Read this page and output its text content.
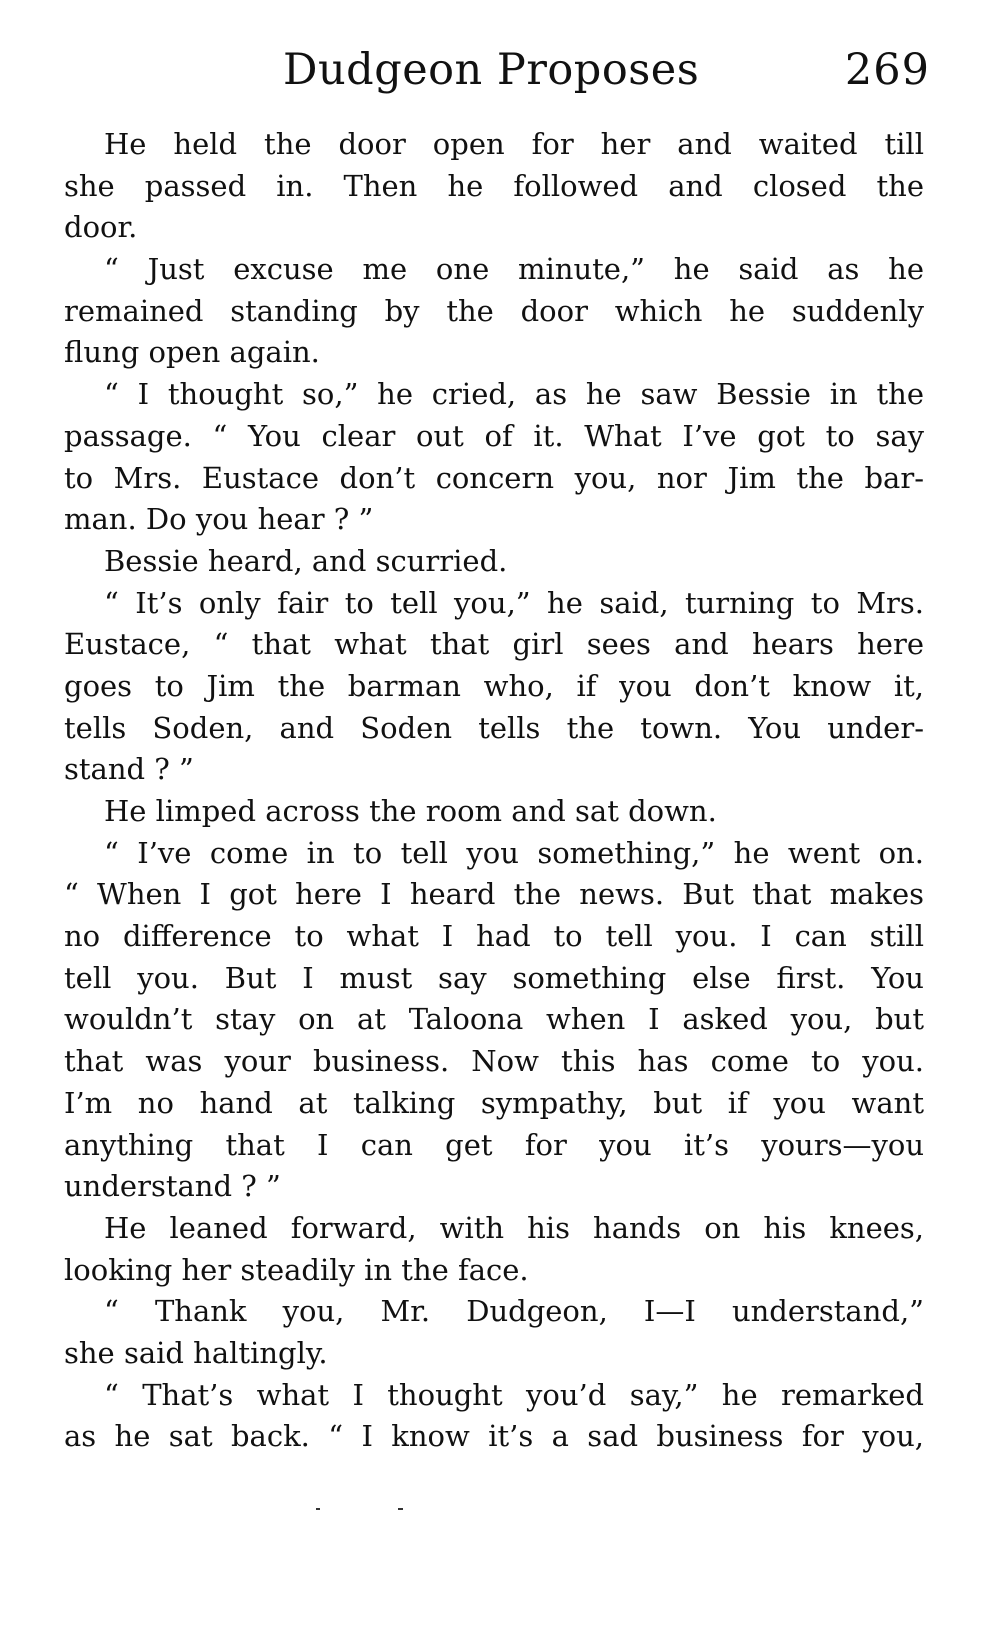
Dudgeon Proposes	269
He held the door open for her and waited till
she passed in. Then he followed and closed the
door.
“ Just excuse me one minute,” he said as he
remained standing by the door which he suddenly
flung open again.
“ I thought so,” he cried, as he saw Bessie in the
passage. “ You clear out of it. What I’ve got to say
to Mrs. Eustace don’t concern you, nor Jim the bar-
man. Do you hear ? ”
Bessie heard, and scurried.
“ It’s only fair to tell you,” he said, turning to Mrs.
Eustace, “ that what that girl sees and hears here
goes to Jim the barman who, if you don’t know it,
tells Soden, and Soden tells the town. You under-
stand ? ”
He limped across the room and sat down.
“ I’ve come in to tell you something,” he went on.
“ When I got here I heard the news. But that makes
no difference to what I had to tell you. I can still
tell you. But I must say something else first. You
wouldn’t stay on at Taloona when I asked you, but
that was your business. Now this has come to you.
I’m no hand at talking sympathy, but if you want
anything that I can get for you it’s yours—you
understand ? ”
He leaned forward, with his hands on his knees,
looking her steadily in the face.
“ Thank you, Mr. Dudgeon, I—I understand,”
she said haltingly.
“ That’s what I thought you’d say,” he remarked
as he sat back. “ I know it’s a sad business for you,
